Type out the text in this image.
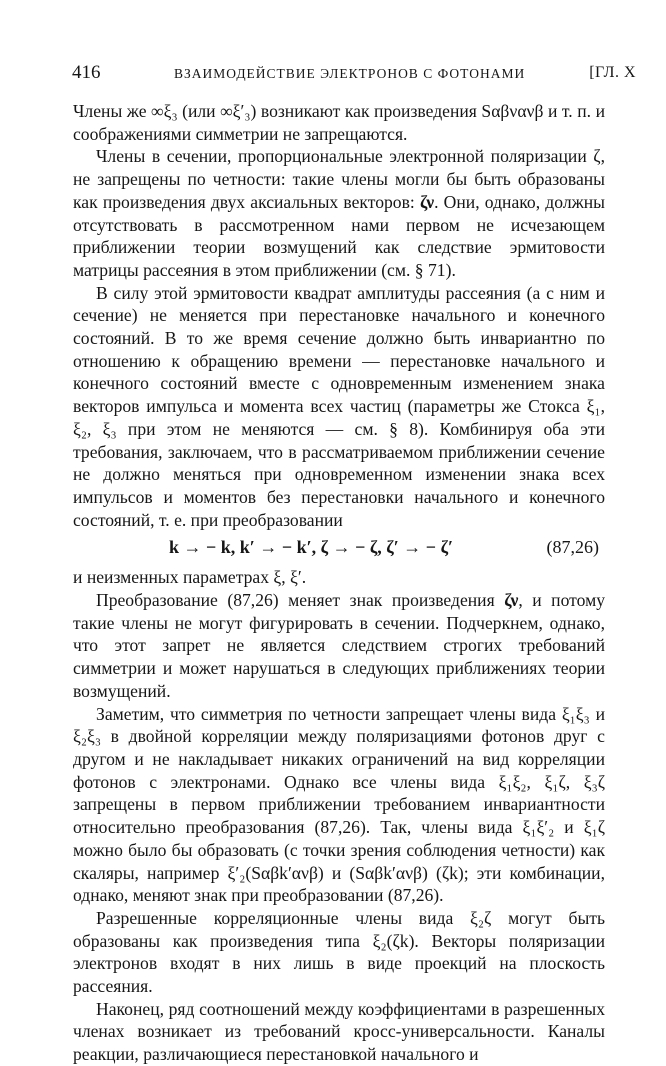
416	ВЗАИМОДЕЙСТВИЕ ЭЛЕКТРОНОВ С ФОТОНАМИ	[ГЛ. X

Члены же ∞ξ₃ (или ∞ξ′₃) возникают как произведения Sαβνανβ и т. п. и соображениями симметрии не запрещаются.

Члены в сечении, пропорциональные электронной поляризации ζ, не запрещены по четности: такие члены могли бы быть образованы как произведения двух аксиальных векторов: ζν. Они, однако, должны отсутствовать в рассмотренном нами первом не исчезающем приближении теории возмущений как следствие эрмитовости матрицы рассеяния в этом приближении (см. § 71).

В силу этой эрмитовости квадрат амплитуды рассеяния (а с ним и сечение) не меняется при перестановке начального и конечного состояний. В то же время сечение должно быть инвариантно по отношению к обращению времени — перестановке начального и конечного состояний вместе с одновременным изменением знака векторов импульса и момента всех частиц (параметры же Стокса ξ₁, ξ₂, ξ₃ при этом не меняются — см. § 8). Комбинируя оба эти требования, заключаем, что в рассматриваемом приближении сечение не должно меняться при одновременном изменении знака всех импульсов и моментов без перестановки начального и конечного состояний, т. е. при преобразовании

k → − k, k′ → − k′, ζ → − ζ, ζ′ → − ζ′	(87,26)

и неизменных параметрах ξ, ξ′.

Преобразование (87,26) меняет знак произведения ζν, и потому такие члены не могут фигурировать в сечении. Подчеркнем, однако, что этот запрет не является следствием строгих требований симметрии и может нарушаться в следующих приближениях теории возмущений.

Заметим, что симметрия по четности запрещает члены вида ξ₁ξ₃ и ξ₂ξ₃ в двойной корреляции между поляризациями фотонов друг с другом и не накладывает никаких ограничений на вид корреляции фотонов с электронами. Однако все члены вида ξ₁ξ₂, ξ₁ζ, ξ₃ζ запрещены в первом приближении требованием инвариантности относительно преобразования (87,26). Так, члены вида ξ₁ξ′₂ и ξ₁ζ можно было бы образовать (с точки зрения соблюдения четности) как скаляры, например ξ′₂(Sαβk′ανβ) и (Sαβk′ανβ) (ζk); эти комбинации, однако, меняют знак при преобразовании (87,26).

Разрешенные корреляционные члены вида ξ₂ζ могут быть образованы как произведения типа ξ₂(ζk). Векторы поляризации электронов входят в них лишь в виде проекций на плоскость рассеяния.

Наконец, ряд соотношений между коэффициентами в разрешенных членах возникает из требований кросс-универсальности. Каналы реакции, различающиеся перестановкой начального и
